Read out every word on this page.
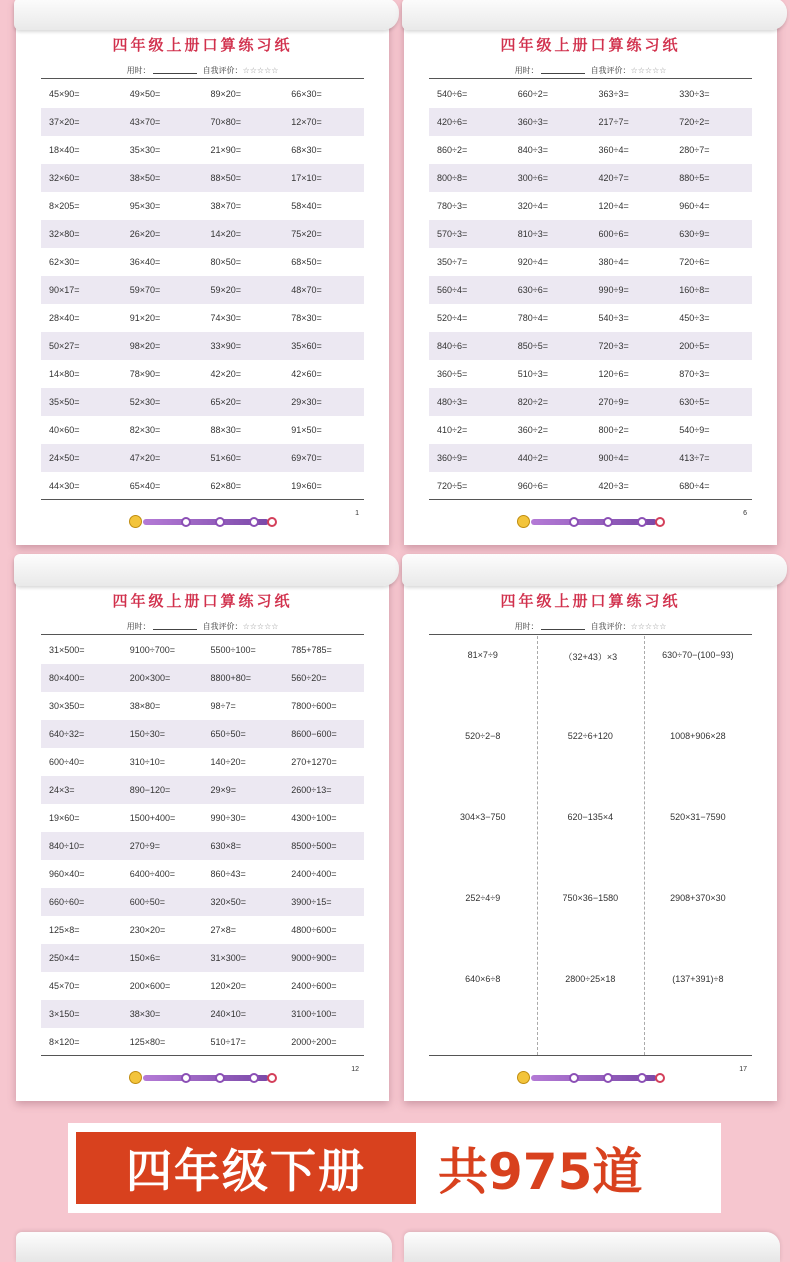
四年级上册口算练习纸
用时：	自我评价：☆☆☆☆☆
45×90=	49×50=	89×20=	66×30=
37×20=	43×70=	70×80=	12×70=
18×40=	35×30=	21×90=	68×30=
32×60=	38×50=	88×50=	17×10=
8×205=	95×30=	38×70=	58×40=
32×80=	26×20=	14×20=	75×20=
62×30=	36×40=	80×50=	68×50=
90×17=	59×70=	59×20=	48×70=
28×40=	91×20=	74×30=	78×30=
50×27=	98×20=	33×90=	35×60=
14×80=	78×90=	42×20=	42×60=
35×50=	52×30=	65×20=	29×30=
40×60=	82×30=	88×30=	91×50=
24×50=	47×20=	51×60=	69×70=
44×30=	65×40=	62×80=	19×60=
1
四年级上册口算练习纸
用时：	自我评价：☆☆☆☆☆
540÷6=	660÷2=	363÷3=	330÷3=
420÷6=	360÷3=	217÷7=	720÷2=
860÷2=	840÷3=	360÷4=	280÷7=
800÷8=	300÷6=	420÷7=	880÷5=
780÷3=	320÷4=	120÷4=	960÷4=
570÷3=	810÷3=	600÷6=	630÷9=
350÷7=	920÷4=	380÷4=	720÷6=
560÷4=	630÷6=	990÷9=	160÷8=
520÷4=	780÷4=	540÷3=	450÷3=
840÷6=	850÷5=	720÷3=	200÷5=
360÷5=	510÷3=	120÷6=	870÷3=
480÷3=	820÷2=	270÷9=	630÷5=
410÷2=	360÷2=	800÷2=	540÷9=
360÷9=	440÷2=	900÷4=	413÷7=
720÷5=	960÷6=	420÷3=	680÷4=
6
四年级上册口算练习纸
用时：	自我评价：☆☆☆☆☆
31×500=	9100÷700=	5500÷100=	785+785=
80×400=	200×300=	8800+80=	560÷20=
30×350=	38×80=	98÷7=	7800÷600=
640÷32=	150÷30=	650÷50=	8600−600=
600÷40=	310÷10=	140÷20=	270+1270=
24×3=	890−120=	29×9=	2600÷13=
19×60=	1500+400=	990÷30=	4300÷100=
840÷10=	270÷9=	630×8=	8500÷500=
960×40=	6400÷400=	860÷43=	2400÷400=
660÷60=	600÷50=	320×50=	3900÷15=
125×8=	230×20=	27×8=	4800÷600=
250×4=	150×6=	31×300=	9000÷900=
45×70=	200×600=	120×20=	2400÷600=
3×150=	38×30=	240×10=	3100÷100=
8×120=	125×80=	510÷17=	2000÷200=
12
四年级上册口算练习纸
用时：	自我评价：☆☆☆☆☆
81×7÷9	（32+43）×3	630÷70−(100−93)
520÷2−8	522÷6+120	1008+906×28
304×3−750	620−135×4	520×31−7590
252÷4÷9	750×36−1580	2908+370×30
640×6÷8	2800÷25×18	(137+391)÷8
17
四年级下册	共975道
